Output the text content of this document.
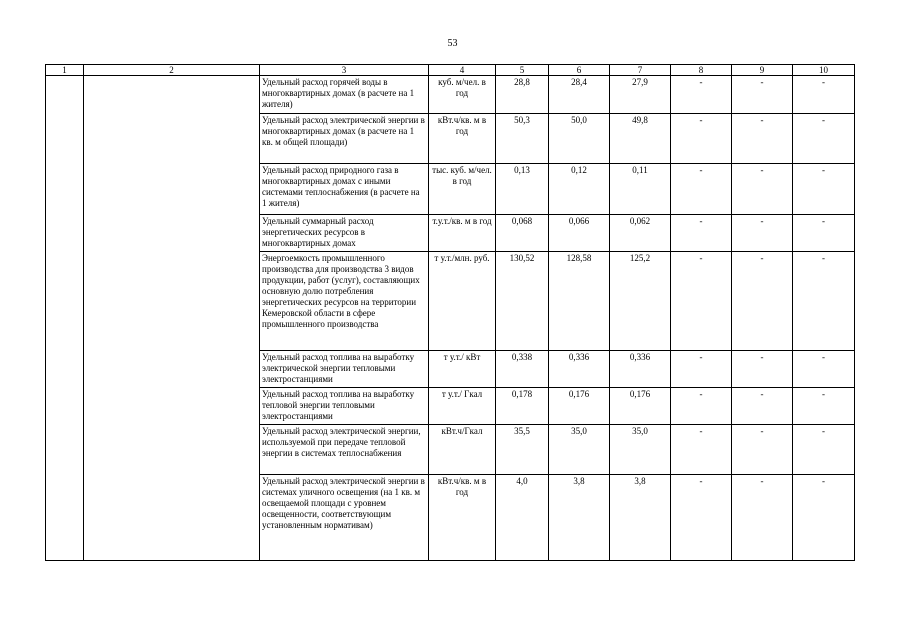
53
1	2	3	4	5	6	7	8	9	10
		Удельный расход горячей воды в многоквартирных домах (в расчете на 1 жителя)	куб. м/чел. в год	28,8	28,4	27,9	-	-	-
		Удельный расход электрической энергии в многоквартирных домах (в расчете на 1 кв. м общей площади)	кВт.ч/кв. м в год	50,3	50,0	49,8	-	-	-
		Удельный расход природного газа в многоквартирных домах с иными системами теплоснабжения (в расчете на 1 жителя)	тыс. куб. м/чел. в год	0,13	0,12	0,11	-	-	-
		Удельный суммарный расход энергетических ресурсов в многоквартирных домах	т.у.т./кв. м в год	0,068	0,066	0,062	-	-	-
		Энергоемкость промышленного производства для производства 3 видов продукции, работ (услуг), составляющих основную долю потребления энергетических ресурсов на территории Кемеровской области в сфере промышленного производства	т у.т./млн. руб.	130,52	128,58	125,2	-	-	-
		Удельный расход топлива на выработку электрической энергии тепловыми электростанциями	т у.т./ кВт	0,338	0,336	0,336	-	-	-
		Удельный расход топлива на выработку тепловой энергии тепловыми электростанциями	т у.т./ Гкал	0,178	0,176	0,176	-	-	-
		Удельный расход электрической энергии, используемой при передаче тепловой энергии в системах теплоснабжения	кВт.ч/Гкал	35,5	35,0	35,0	-	-	-
		Удельный расход электрической энергии в системах уличного освещения (на 1 кв. м освещаемой площади с уровнем освещенности, соответствующим установленным нормативам)	кВт.ч/кв. м в год	4,0	3,8	3,8	-	-	-
